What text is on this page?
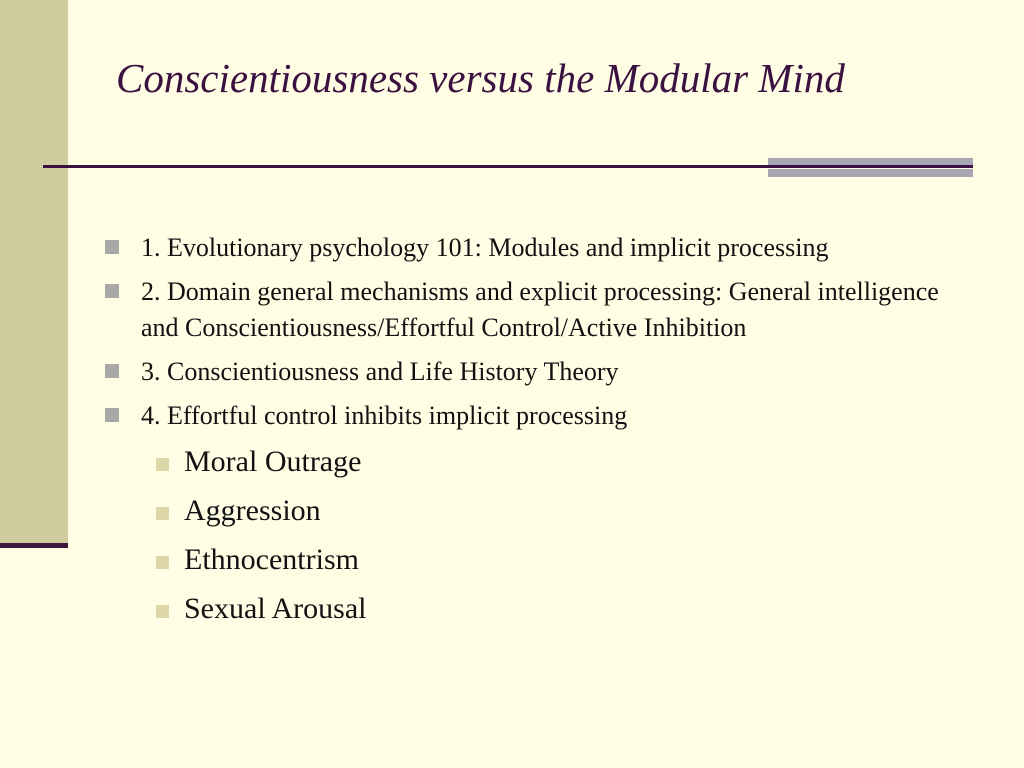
Conscientiousness versus the Modular Mind
1. Evolutionary psychology 101: Modules and implicit processing
2. Domain general mechanisms and explicit processing: General intelligence and Conscientiousness/Effortful Control/Active Inhibition
3. Conscientiousness and Life History Theory
4. Effortful control inhibits implicit processing
Moral Outrage
Aggression
Ethnocentrism
Sexual Arousal
